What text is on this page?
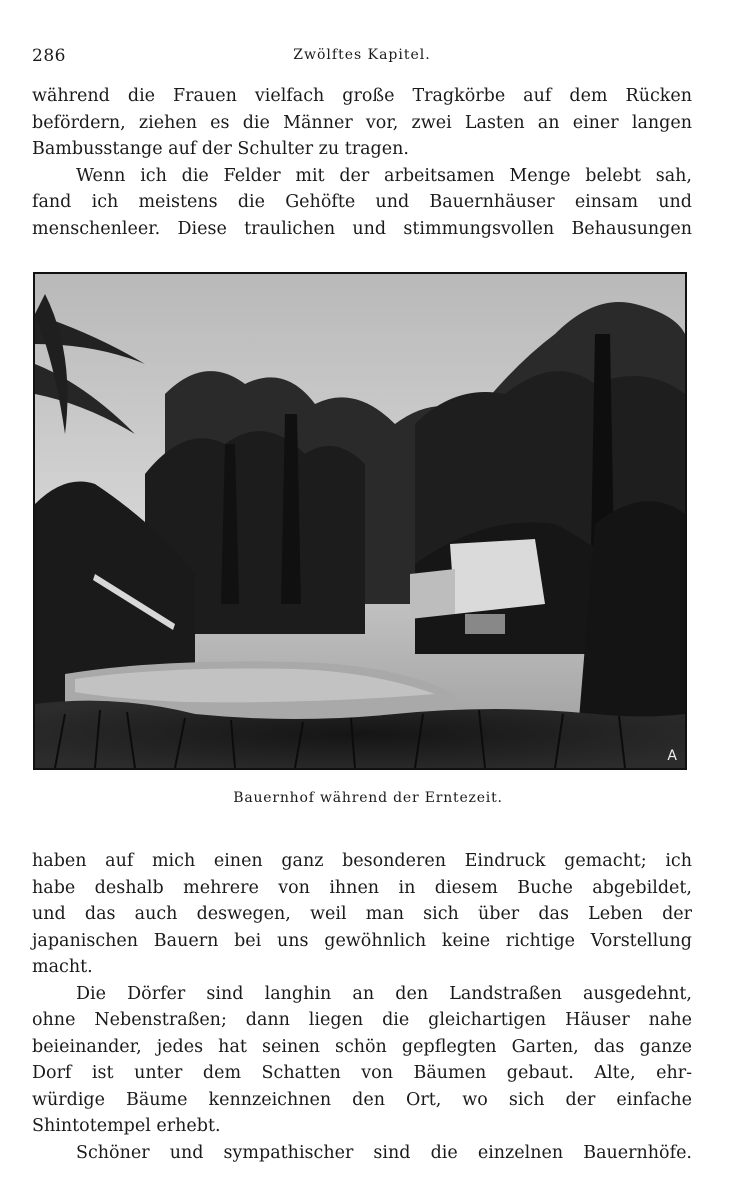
286	Zwölftes Kapitel.
während die Frauen vielfach große Tragkörbe auf dem Rücken
befördern, ziehen es die Männer vor, zwei Lasten an einer langen
Bambusstange auf der Schulter zu tragen.
Wenn ich die Felder mit der arbeitsamen Menge belebt sah,
fand ich meistens die Gehöfte und Bauernhäuser einsam und
menschenleer. Diese traulichen und stimmungsvollen Behausungen
A
Bauernhof während der Erntezeit.
haben auf mich einen ganz besonderen Eindruck gemacht; ich
habe deshalb mehrere von ihnen in diesem Buche abgebildet,
und das auch deswegen, weil man sich über das Leben der
japanischen Bauern bei uns gewöhnlich keine richtige Vorstellung
macht.
Die Dörfer sind langhin an den Landstraßen ausgedehnt,
ohne Nebenstraßen; dann liegen die gleichartigen Häuser nahe
beieinander, jedes hat seinen schön gepflegten Garten, das ganze
Dorf ist unter dem Schatten von Bäumen gebaut. Alte, ehr-
würdige Bäume kennzeichnen den Ort, wo sich der einfache
Shintotempel erhebt.
Schöner und sympathischer sind die einzelnen Bauernhöfe.
